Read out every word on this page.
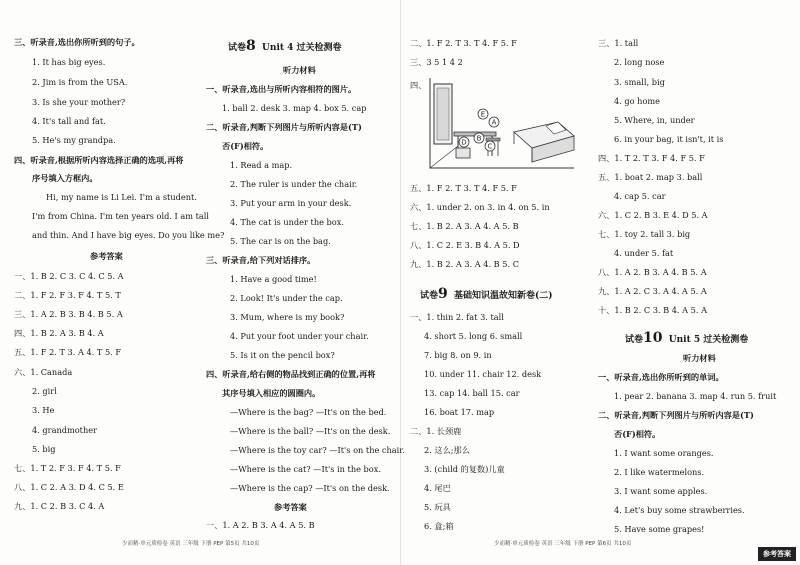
三、听录音,选出你所听到的句子。
1. It has big eyes.
2. Jim is from the USA.
3. Is she your mother?
4. It's tall and fat.
5. He's my grandpa.
四、听录音,根据所听内容选择正确的选项,再将
序号填入方框内。
Hi, my name is Li Lei. I'm a student.
I'm from China. I'm ten years old. I am tall
and thin. And I have big eyes. Do you like me?
参考答案
一、1. B 2. C 3. C 4. C 5. A
二、1. F 2. F 3. F 4. T 5. T
三、1. A 2. B 3. B 4. B 5. A
四、1. B 2. A 3. B 4. A
五、1. F 2. T 3. A 4. T 5. F
六、1. Canada
2. girl
3. He
4. grandmother
5. big
七、1. T 2. F 3. F 4. T 5. F
八、1. C 2. A 3. D 4. C 5. E
九、1. C 2. B 3. C 4. A
听力材料
一、听录音,选出与所听内容相符的图片。
1. ball 2. desk 3. map 4. box 5. cap
二、听录音,判断下列图片与所听内容是(T)
否(F)相符。
1. Read a map.
2. The ruler is under the chair.
3. Put your arm in your desk.
4. The cat is under the box.
5. The car is on the bag.
三、听录音,给下列对话排序。
1. Have a good time!
2. Look! It's under the cap.
3. Mum, where is my book?
4. Put your foot under your chair.
5. Is it on the pencil box?
四、听录音,给右侧的物品找到正确的位置,再将
其序号填入相应的圆圈内。
—Where is the bag? —It's on the bed.
—Where is the ball? —It's on the desk.
—Where is the toy car? —It's on the chair.
—Where is the cat? —It's in the box.
—Where is the cap? —It's on the desk.
参考答案
一、1. A 2. B 3. A 4. A 5. B
二、1. F 2. T 3. T 4. F 5. F
三、3 5 1 4 2
四、
五、1. F 2. T 3. T 4. F 5. F
六、1. under 2. on 3. in 4. on 5. in
七、1. B 2. A 3. A 4. A 5. B
八、1. C 2. E 3. B 4. A 5. D
九、1. B 2. A 3. A 4. B 5. C
一、1. thin 2. fat 3. tall
4. short 5. long 6. small
7. big 8. on 9. in
10. under 11. chair 12. desk
13. cap 14. ball 15. car
16. boat 17. map
二、1. 长颈鹿
2. 这么;那么
3. (child 的复数)儿童
4. 尾巴
5. 玩具
6. 盒;箱
三、1. tall
2. long nose
3. small, big
4. go home
5. Where, in, under
6. in your bag, it isn't, it is
四、1. T 2. T 3. F 4. F 5. F
五、1. boat 2. map 3. ball
4. cap 5. car
六、1. C 2. B 3. E 4. D 5. A
七、1. toy 2. tall 3. big
4. under 5. fat
八、1. A 2. B 3. A 4. B 5. A
九、1. A 2. C 3. A 4. A 5. A
十、1. B 2. C 3. B 4. A 5. A
听力材料
一、听录音,选出你所听到的单词。
1. pear 2. banana 3. map 4. run 5. fruit
二、听录音,判断下列图片与所听内容是(T)
否(F)相符。
1. I want some oranges.
2. I like watermelons.
3. I want some apples.
4. Let's buy some strawberries.
5. Have some grapes!
试卷8 Unit 4 过关检测卷
试卷9 基础知识温故知新卷(二)
试卷10 Unit 5 过关检测卷
E
A
B
C
D
少而精·单元质检卷 英语 三年级 下册 PEP 第5页 共10页	少而精·单元质检卷 英语 三年级 下册 PEP 第6页 共10页
参考答案
